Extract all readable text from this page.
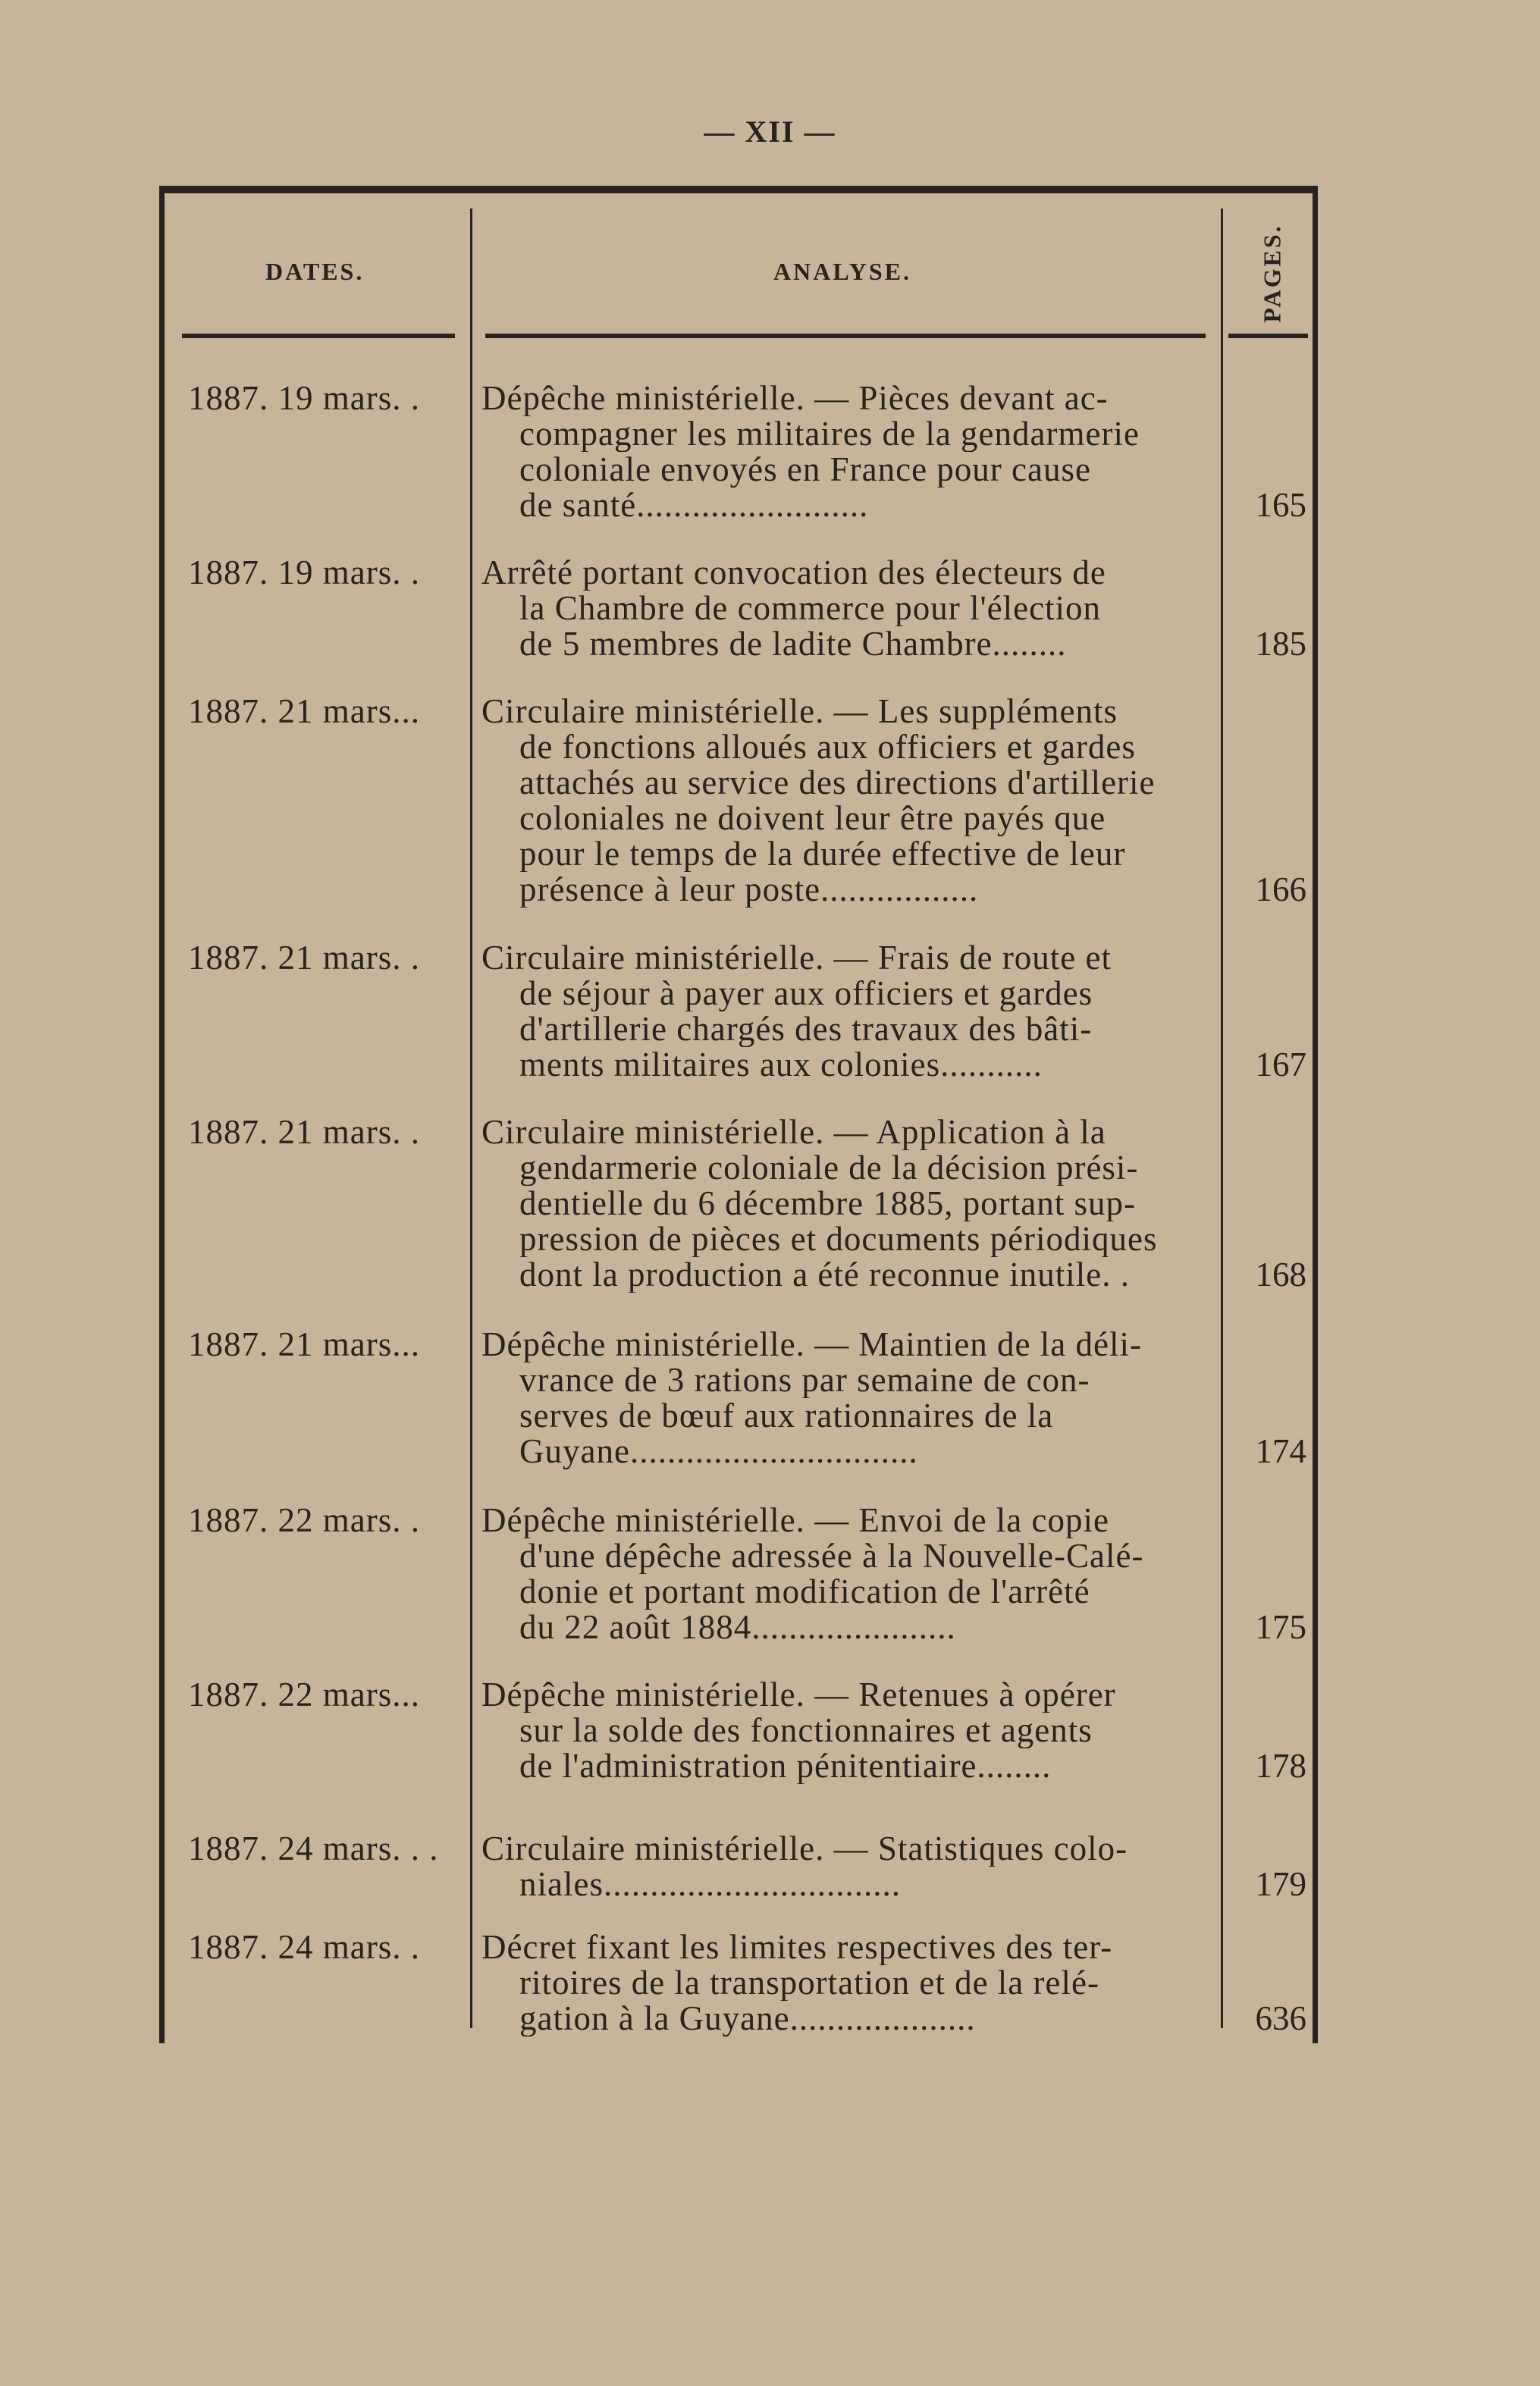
— XII —
DATES.	ANALYSE.	PAGES.
1887. 19 mars. . Dépêche ministérielle. — Pièces devant ac-
compagner les militaires de la gendarmerie
coloniale envoyés en France pour cause
de santé.........................	165
1887. 19 mars. . Arrêté portant convocation des électeurs de
la Chambre de commerce pour l'élection
de 5 membres de ladite Chambre........	185
1887. 21 mars... Circulaire ministérielle. — Les suppléments
de fonctions alloués aux officiers et gardes
attachés au service des directions d'artillerie
coloniales ne doivent leur être payés que
pour le temps de la durée effective de leur
présence à leur poste.................	166
1887. 21 mars. . Circulaire ministérielle. — Frais de route et
de séjour à payer aux officiers et gardes
d'artillerie chargés des travaux des bâti-
ments militaires aux colonies...........	167
1887. 21 mars. . Circulaire ministérielle. — Application à la
gendarmerie coloniale de la décision prési-
dentielle du 6 décembre 1885, portant sup-
pression de pièces et documents périodiques
dont la production a été reconnue inutile. .	168
1887. 21 mars... Dépêche ministérielle. — Maintien de la déli-
vrance de 3 rations par semaine de con-
serves de bœuf aux rationnaires de la
Guyane...............................	174
1887. 22 mars. . Dépêche ministérielle. — Envoi de la copie
d'une dépêche adressée à la Nouvelle-Calé-
donie et portant modification de l'arrêté
du 22 août 1884......................	175
1887. 22 mars... Dépêche ministérielle. — Retenues à opérer
sur la solde des fonctionnaires et agents
de l'administration pénitentiaire........	178
1887. 24 mars. . . Circulaire ministérielle. — Statistiques colo-
niales................................	179
1887. 24 mars. . Décret fixant les limites respectives des ter-
ritoires de la transportation et de la relé-
gation à la Guyane....................	636
